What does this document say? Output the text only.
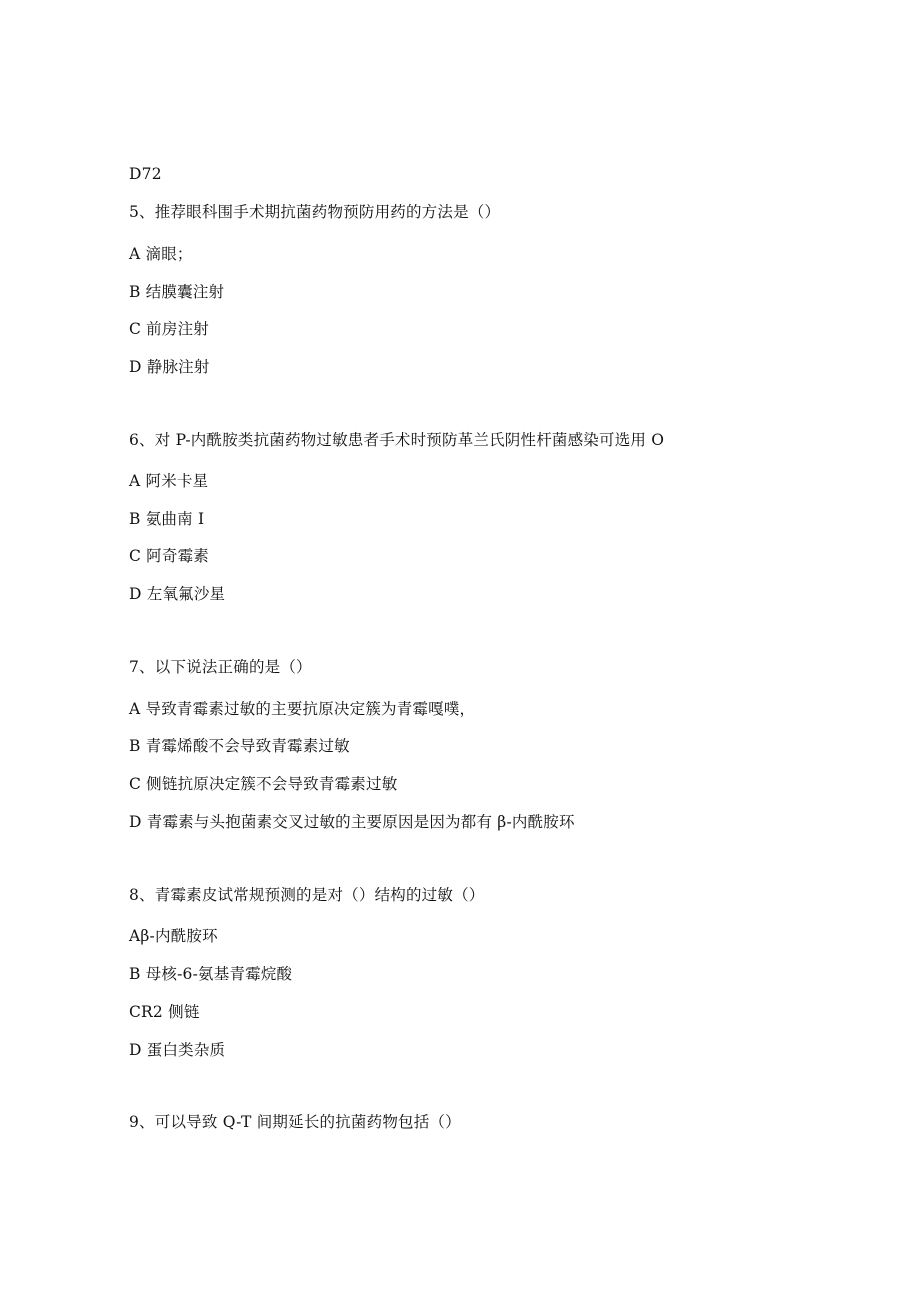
D72
5、推荐眼科围手术期抗菌药物预防用药的方法是（）
A 滴眼；
B 结膜囊注射
C 前房注射
D 静脉注射
6、对 P-内酰胺类抗菌药物过敏患者手术时预防革兰氏阴性杆菌感染可选用 O
A 阿米卡星
B 氨曲南 I
C 阿奇霉素
D 左氧氟沙星
7、以下说法正确的是（）
A 导致青霉素过敏的主要抗原决定簇为青霉嘎噗，
B 青霉烯酸不会导致青霉素过敏
C 侧链抗原决定簇不会导致青霉素过敏
D 青霉素与头抱菌素交叉过敏的主要原因是因为都有 β-内酰胺环
8、青霉素皮试常规预测的是对（）结构的过敏（）
Aβ-内酰胺环
B 母核-6-氨基青霉烷酸
CR2 侧链
D 蛋白类杂质
9、可以导致 Q-T 间期延长的抗菌药物包括（）
